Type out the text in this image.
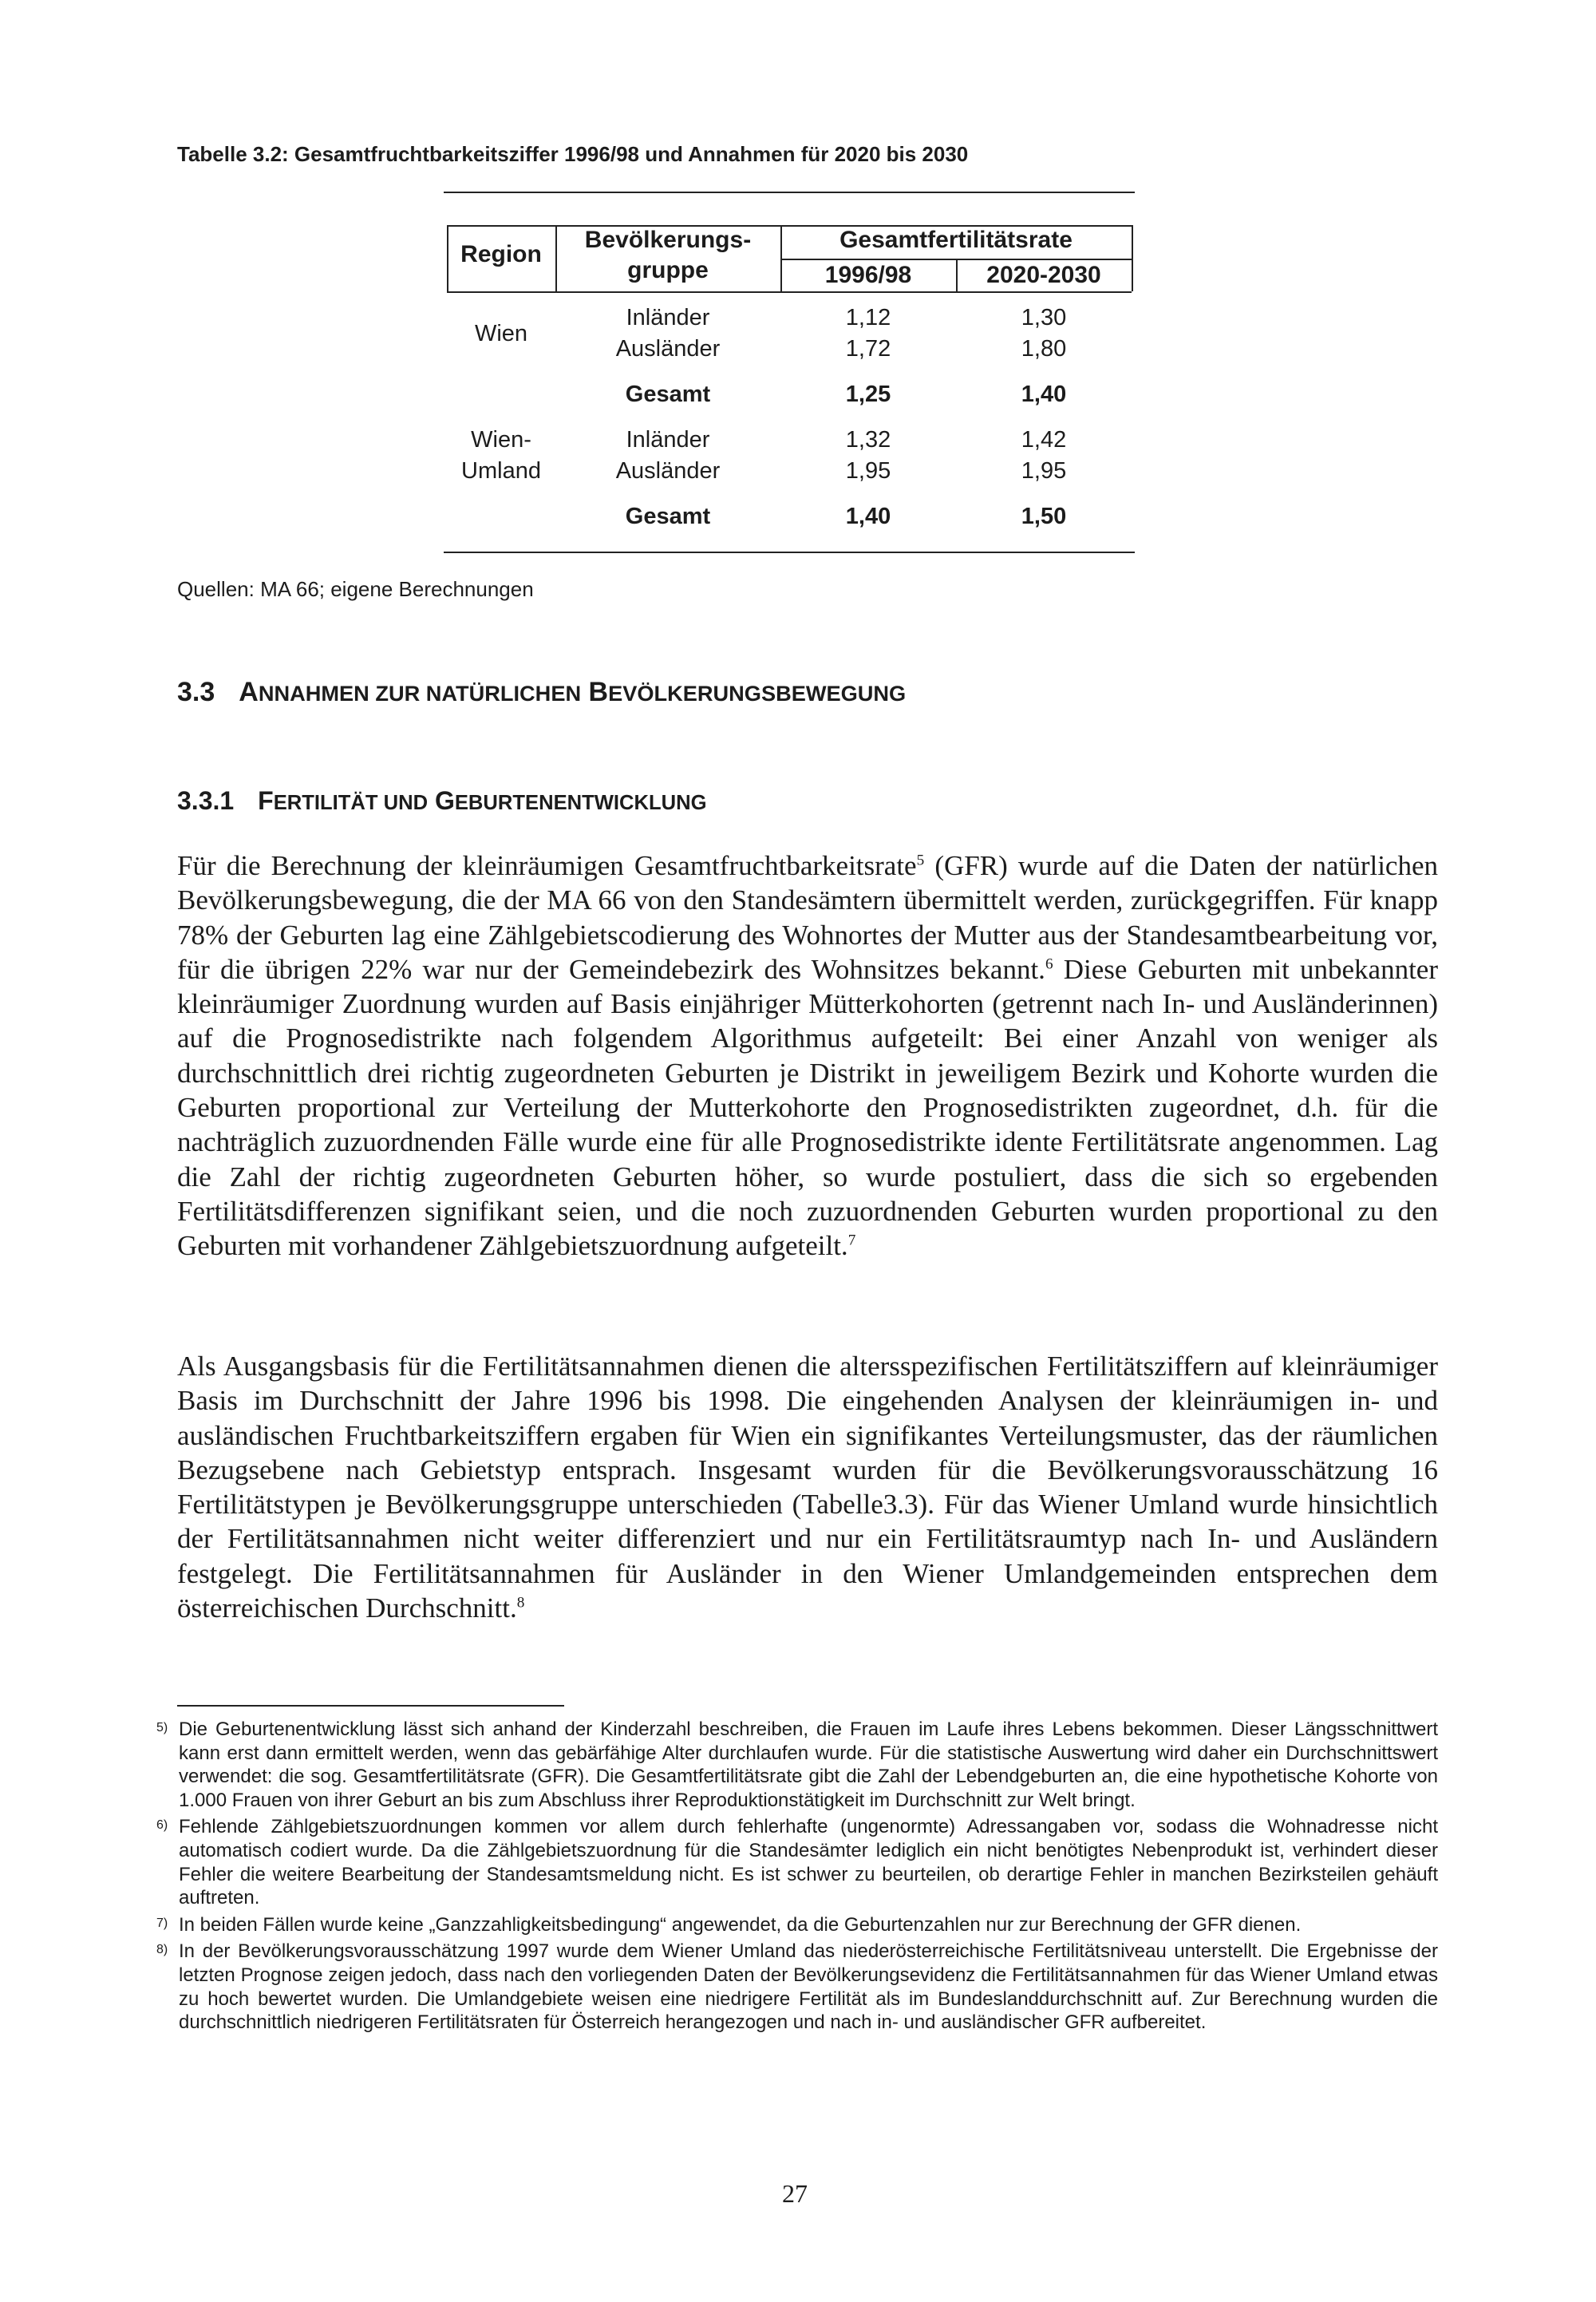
Tabelle 3.2: Gesamtfruchtbarkeitsziffer 1996/98 und Annahmen für 2020 bis 2030
Region
Bevölkerungs-
gruppe
Gesamtfertilitätsrate
1996/98	2020-2030
Wien
Inländer	1,12	1,30
Ausländer	1,72	1,80
Gesamt	1,25	1,40
Wien-
Umland
Inländer	1,32	1,42
Ausländer	1,95	1,95
Gesamt	1,40	1,50
Quellen: MA 66; eigene Berechnungen
3.3 ANNAHMEN ZUR NATÜRLICHEN BEVÖLKERUNGSBEWEGUNG
3.3.1 FERTILITÄT UND GEBURTENENTWICKLUNG

Für die Berechnung der kleinräumigen Gesamtfruchtbarkeitsrate$^5$ (GFR) wurde auf die Daten der natürlichen Bevölkerungsbewegung, die der MA 66 von den Standesämtern übermittelt werden, zurückgegriffen. Für knapp 78% der Geburten lag eine Zählgebietscodierung des Wohnortes der Mutter aus der Standesamtbearbeitung vor, für die übrigen 22% war nur der Gemeindebezirk des Wohnsitzes bekannt.$^6$ Diese Geburten mit unbekannter kleinräumiger Zuordnung wurden auf Basis einjähriger Mütterkohorten (getrennt nach In- und Ausländerinnen) auf die Prognosedistrikte nach folgendem Algorithmus aufgeteilt: Bei einer Anzahl von weniger als durchschnittlich drei richtig zugeordneten Geburten je Distrikt in jeweiligem Bezirk und Kohorte wurden die Geburten proportional zur Verteilung der Mutterkohorte den Prognosedistrikten zugeordnet, d.h. für die nachträglich zuzuordnenden Fälle wurde eine für alle Prognosedistrikte idente Fertilitätsrate angenommen. Lag die Zahl der richtig zugeordneten Geburten höher, so wurde postuliert, dass die sich so ergebenden Fertilitätsdifferenzen signifikant seien, und die noch zuzuordnenden Geburten wurden proportional zu den Geburten mit vorhandener Zählgebietszuordnung aufgeteilt.$^7$

Als Ausgangsbasis für die Fertilitätsannahmen dienen die altersspezifischen Fertilitätsziffern auf kleinräumiger Basis im Durchschnitt der Jahre 1996 bis 1998. Die eingehenden Analysen der kleinräumigen in- und ausländischen Fruchtbarkeitsziffern ergaben für Wien ein signifikantes Verteilungsmuster, das der räumlichen Bezugsebene nach Gebietstyp entsprach. Insgesamt wurden für die Bevölkerungsvorausschätzung 16 Fertilitätstypen je Bevölkerungsgruppe unterschieden (Tabelle3.3). Für das Wiener Umland wurde hinsichtlich der Fertilitätsannahmen nicht weiter differenziert und nur ein Fertilitätsraumtyp nach In- und Ausländern festgelegt. Die Fertilitätsannahmen für Ausländer in den Wiener Umlandgemeinden entsprechen dem österreichischen Durchschnitt.$^8$

5) Die Geburtenentwicklung lässt sich anhand der Kinderzahl beschreiben, die Frauen im Laufe ihres Lebens bekommen. Dieser Längsschnittwert kann erst dann ermittelt werden, wenn das gebärfähige Alter durchlaufen wurde. Für die statistische Auswertung wird daher ein Durchschnittswert verwendet: die sog. Gesamtfertilitätsrate (GFR). Die Gesamtfertilitätsrate gibt die Zahl der Lebendgeburten an, die eine hypothetische Kohorte von 1.000 Frauen von ihrer Geburt an bis zum Abschluss ihrer Reproduktionstätigkeit im Durchschnitt zur Welt bringt.
6) Fehlende Zählgebietszuordnungen kommen vor allem durch fehlerhafte (ungenormte) Adressangaben vor, sodass die Wohnadresse nicht automatisch codiert wurde. Da die Zählgebietszuordnung für die Standesämter lediglich ein nicht benötigtes Nebenprodukt ist, verhindert dieser Fehler die weitere Bearbeitung der Standesamtsmeldung nicht. Es ist schwer zu beurteilen, ob derartige Fehler in manchen Bezirksteilen gehäuft auftreten.
7) In beiden Fällen wurde keine „Ganzzahligkeitsbedingung“ angewendet, da die Geburtenzahlen nur zur Berechnung der GFR dienen.
8) In der Bevölkerungsvorausschätzung 1997 wurde dem Wiener Umland das niederösterreichische Fertilitätsniveau unterstellt. Die Ergebnisse der letzten Prognose zeigen jedoch, dass nach den vorliegenden Daten der Bevölkerungsevidenz die Fertilitätsannahmen für das Wiener Umland etwas zu hoch bewertet wurden. Die Umlandgebiete weisen eine niedrigere Fertilität als im Bundeslanddurchschnitt auf. Zur Berechnung wurden die durchschnittlich niedrigeren Fertilitätsraten für Österreich herangezogen und nach in- und ausländischer GFR aufbereitet.
27
